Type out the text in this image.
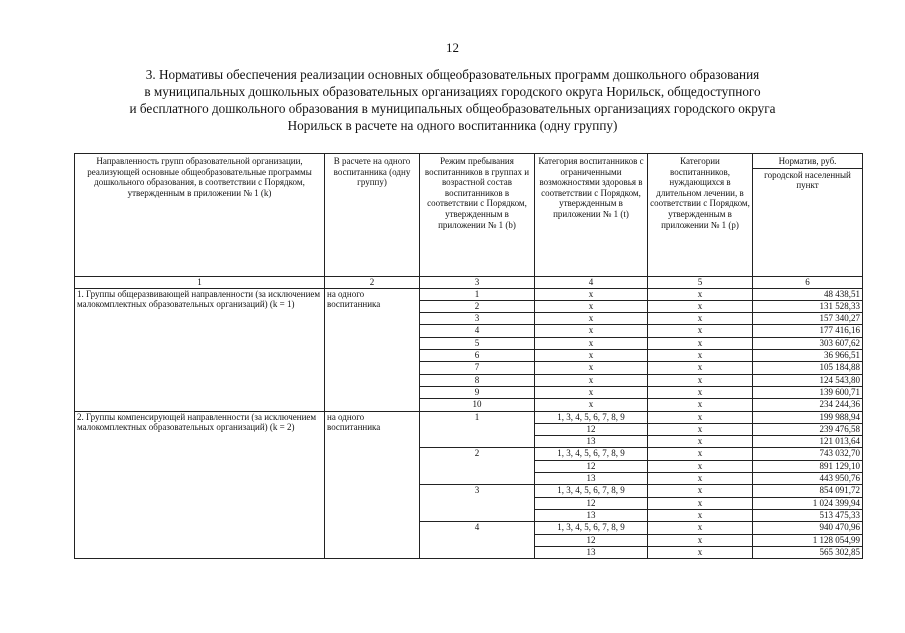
12
3. Нормативы обеспечения реализации основных общеобразовательных программ дошкольного образования
в муниципальных дошкольных образовательных организациях городского округа Норильск, общедоступного
и бесплатного дошкольного образования в муниципальных общеобразовательных организациях городского округа
Норильск в расчете на одного воспитанника (одну группу)
Направленность групп образовательной организации, реализующей основные общеобразовательные программы дошкольного образования, в соответствии с Порядком, утвержденным в приложении № 1 (k)	В расчете на одного воспитанника (одну группу)	Режим пребывания воспитанников в группах и возрастной состав воспитанников в соответствии с Порядком, утвержденным в приложении № 1 (b)	Категория воспитанников с ограниченными возможностями здоровья в соответствии с Порядком, утвержденным в приложении № 1 (t)	Категории воспитанников, нуждающихся в длительном лечении, в соответствии с Порядком, утвержденным в приложении № 1 (p)	Норматив, руб.
городской населенный пункт

1	2	3	4	5	6
1. Группы общеразвивающей направленности (за исключением малокомплектных образовательных организаций) (k = 1)	на одного воспитанника	1	х	х	48 438,51
		2	х	х	131 528,33
		3	х	х	157 340,27
		4	х	х	177 416,16
		5	х	х	303 607,62
		6	х	х	36 966,51
		7	х	х	105 184,88
		8	х	х	124 543,80
		9	х	х	139 600,71
		10	х	х	234 244,36
2. Группы компенсирующей направленности (за исключением малокомплектных образовательных организаций) (k = 2)	на одного воспитанника	1	1, 3, 4, 5, 6, 7, 8, 9	х	199 988,94
			12	х	239 476,58
			13	х	121 013,64
		2	1, 3, 4, 5, 6, 7, 8, 9	х	743 032,70
			12	х	891 129,10
			13	х	443 950,76
		3	1, 3, 4, 5, 6, 7, 8, 9	х	854 091,72
			12	х	1 024 399,94
			13	х	513 475,33
		4	1, 3, 4, 5, 6, 7, 8, 9	х	940 470,96
			12	х	1 128 054,99
			13	х	565 302,85
